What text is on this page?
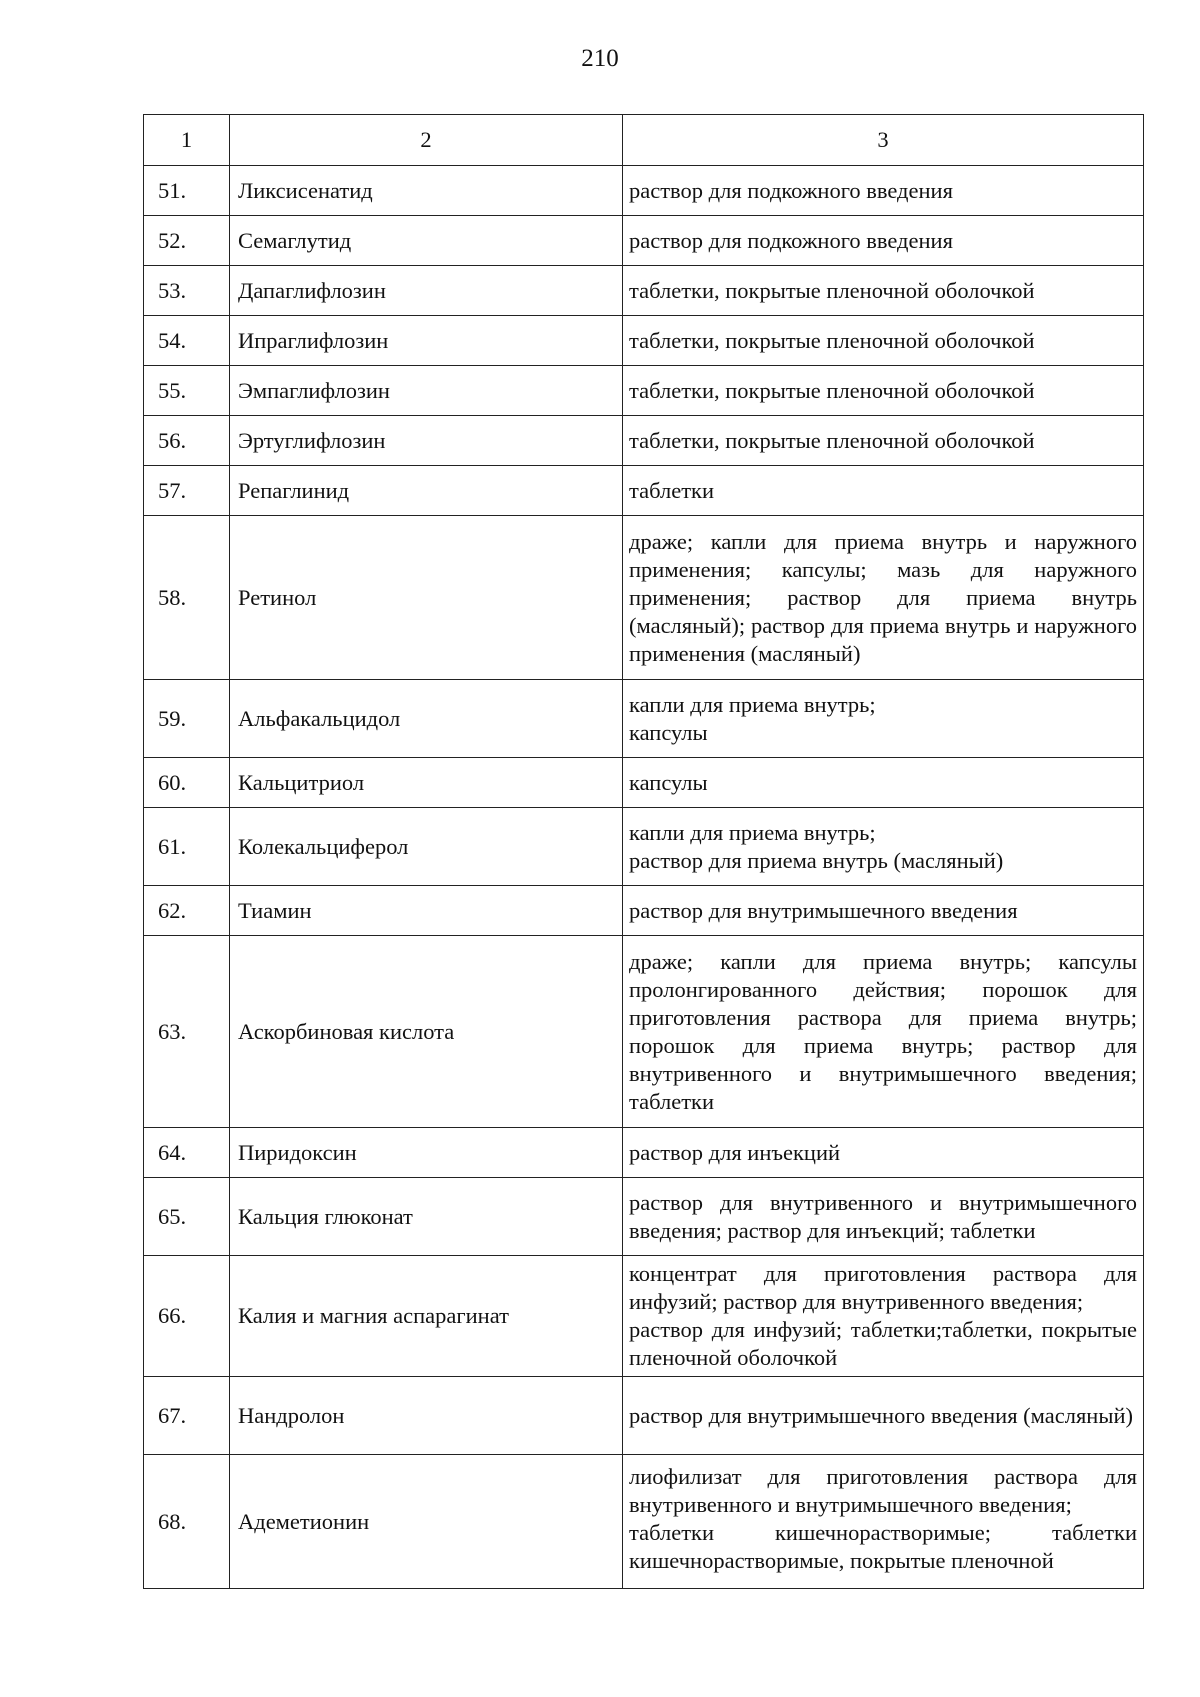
210
1	2	3
51.	Ликсисенатид	раствор для подкожного введения

52.	Семаглутид	раствор для подкожного введения

53.	Дапаглифлозин	таблетки, покрытые пленочной оболочкой

54.	Ипраглифлозин	таблетки, покрытые пленочной оболочкой

55.	Эмпаглифлозин	таблетки, покрытые пленочной оболочкой

56.	Эртуглифлозин	таблетки, покрытые пленочной оболочкой

57.	Репаглинид	таблетки

58.	Ретинол	драже; капли для приема внутрь и наружного применения; капсулы; мазь для наружного применения; раствор для приема внутрь (масляный); раствор для приема внутрь и наружного применения (масляный)

59.	Альфакальцидол	капли для приема внутрь;
капсулы

60.	Кальцитриол	капсулы

61.	Колекальциферол	капли для приема внутрь;
раствор для приема внутрь (масляный)

62.	Тиамин	раствор для внутримышечного введения

63.	Аскорбиновая кислота	драже; капли для приема внутрь; капсулы пролонгированного действия; порошок для приготовления раствора для приема внутрь; порошок для приема внутрь; раствор для внутривенного и внутримышечного введения; таблетки

64.	Пиридоксин	раствор для инъекций

65.	Кальция глюконат	раствор для внутривенного и внутримышечного введения; раствор для инъекций; таблетки

66.	Калия и магния аспарагинат	концентрат для приготовления раствора для инфузий; раствор для внутривенного введения;
раствор для инфузий; таблетки;таблетки, покрытые пленочной оболочкой

67.	Нандролон	раствор для внутримышечного введения (масляный)

68.	Адеметионин	лиофилизат для приготовления раствора для внутривенного и внутримышечного введения;
таблетки кишечнорастворимые; таблетки кишечнорастворимые, покрытые пленочной
